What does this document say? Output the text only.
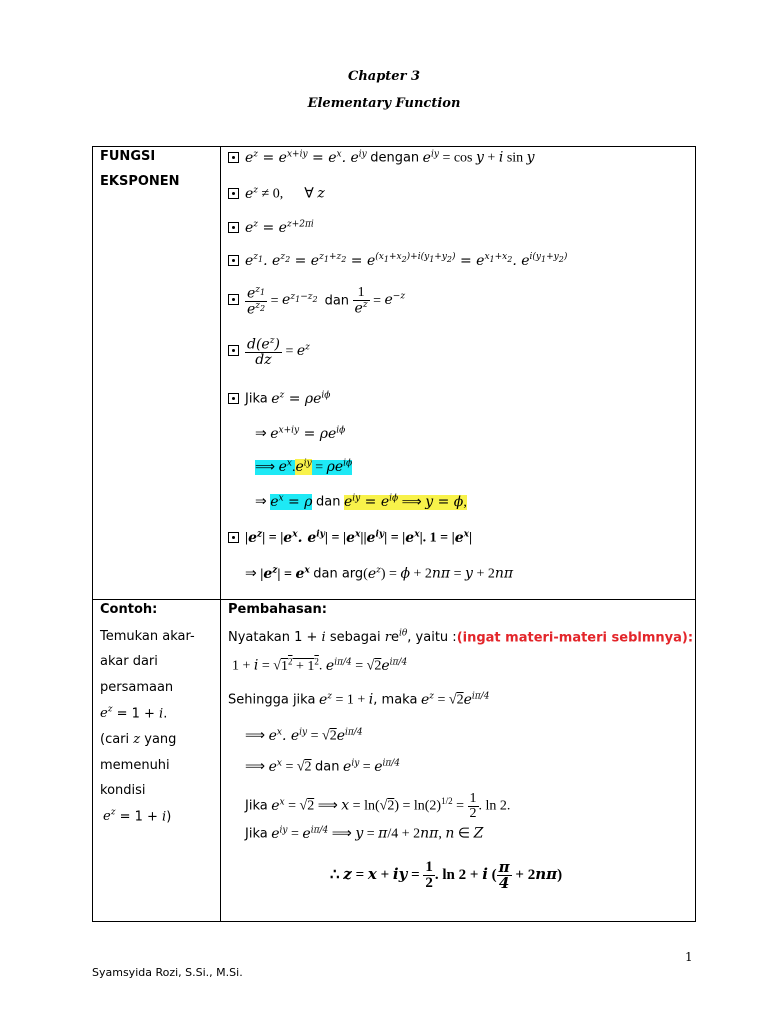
Chapter 3
Elementary Function
FUNGSI
EKSPONEN
Contoh:
Temukan akar-
akar dari
persamaan
$e^z = 1 + i$.
(cari z yang
memenuhi
kondisi
$e^z = 1 + i$)
$e^z = e^{x+iy} = e^x$. $e^{iy}$ dengan $e^{iy} = \cos y + i$ sin y
$e^z \ne 0$,      ∀ z
$e^z = e^{z+2\pi i}$
$e^{z_1}$. $e^{z_2} = e^{z_1+z_2} = e^{(x_1+x_2)+i(y_1+y_2)} = e^{x_1+x_2}$. $e^{i(y_1+y_2)}$
$\frac{e^{z_1}}{e^{z_2}} = e^{z_1-z_2}$ dan $\frac{1}{e^z} = e^{-z}$
$\frac{d(e^z)}{dz} = e^z$
Jika $e^z = \rho e^{i\phi}$
⇒ $e^{x+iy} = \rho e^{i\phi}$
⟹ $e^x.e^{iy} = \rho e^{i\phi}$
⇒ $e^x = \rho$ dan $e^{iy} = e^{i\phi}$ ⟹ y = ϕ,
$|e^z| = |e^x$. $e^{iy}| = |e^x||e^{iy}| = |e^x|$. $1 = |e^x|$
⇒ $|e^z| = e^x$ dan $arg(e^z) = \phi + 2n\pi = y + 2n\pi$
Pembahasan:
Nyatakan 1 + i sebagai $re^{i\theta}$, yaitu :(ingat materi-materi seblmnya):
$1 + i = √1^2 + 1^2$. $e^{i\pi/4} = √2e^{i\pi/4}$
Sehingga jika $e^z = 1 + i$, maka $e^z = √2e^{i\pi/4}$
⟹ $e^x$. $e^{iy} = √2e^{i\pi/4}$
⟹ $e^x = √2$ dan $e^{iy} = e^{i\pi/4}$
Jika $e^x = √2$ ⟹ $x = \ln(√2) = \ln(2)^{1/2} = \frac{1}{2}$ . ln 2.
Jika $e^{iy} = e^{i\pi/4}$ ⟹ y = π/4 + 2nπ, n ∈ Z
∴ z = x + iy = $\frac{1}{2}$ . ln 2 + i ( $\frac{\pi}{4} + 2n\pi$)
1
Syamsyida Rozi, S.Si., M.Si.
